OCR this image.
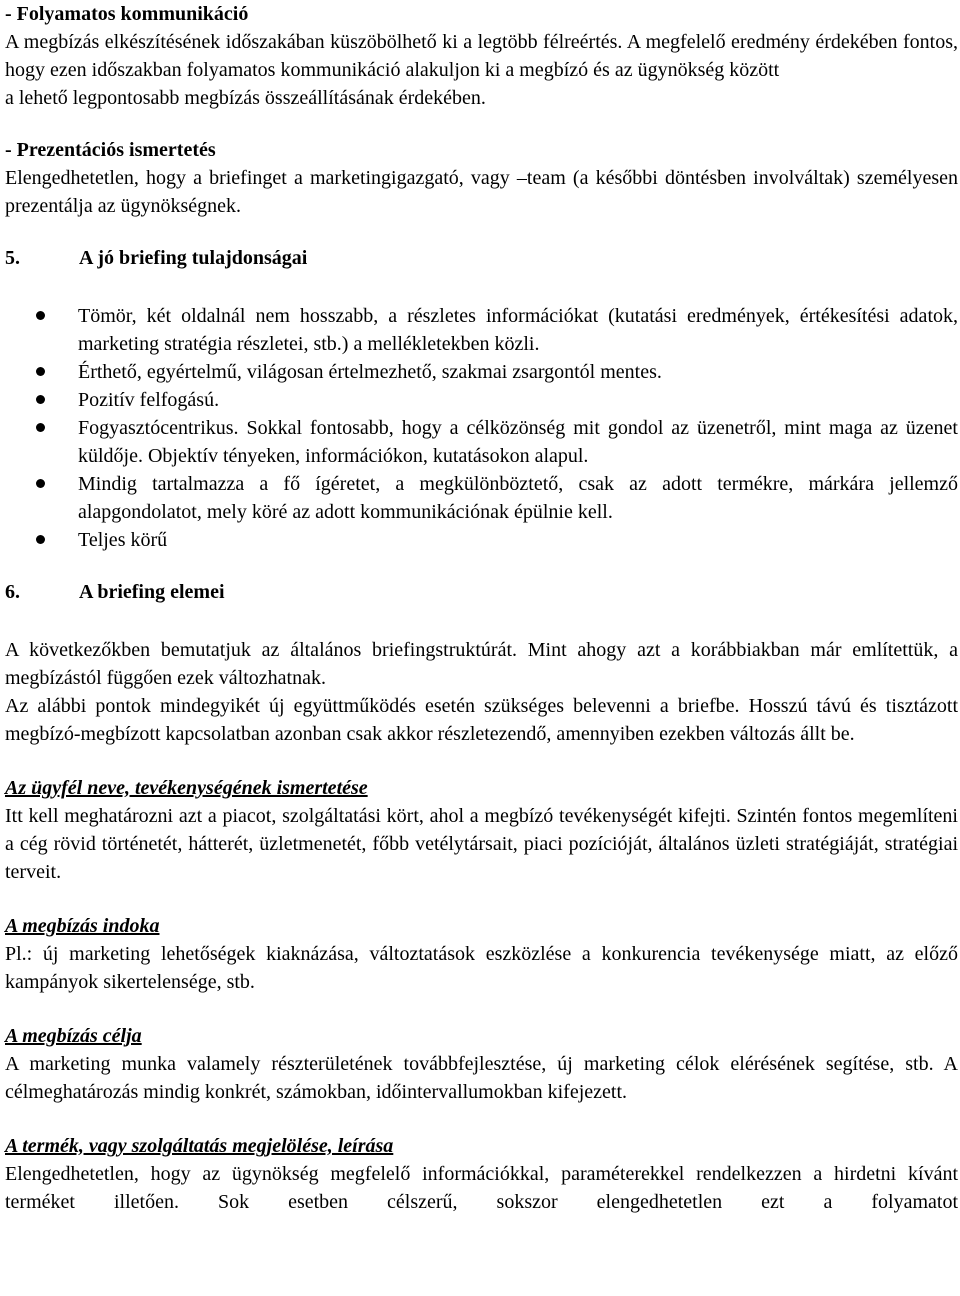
- Folyamatos kommunikáció

A megbízás elkészítésének időszakában küszöbölhető ki a legtöbb félreértés. A megfelelő eredmény érdekében fontos, hogy ezen időszakban folyamatos kommunikáció alakuljon ki a megbízó és az ügynökség között

a lehető legpontosabb megbízás összeállításának érdekében.

- Prezentációs ismertetés

Elengedhetetlen, hogy a briefinget a marketingigazgató, vagy –team (a későbbi döntésben involváltak) személyesen prezentálja az ügynökségnek.

5.	A jó briefing tulajdonságai

Tömör, két oldalnál nem hosszabb, a részletes információkat (kutatási eredmények, értékesítési adatok, marketing stratégia részletei, stb.) a mellékletekben közli.
Érthető, egyértelmű, világosan értelmezhető, szakmai zsargontól mentes.
Pozitív felfogású.
Fogyasztócentrikus. Sokkal fontosabb, hogy a célközönség mit gondol az üzenetről, mint maga az üzenet küldője. Objektív tényeken, információkon, kutatásokon alapul.
Mindig tartalmazza a fő ígéretet, a megkülönböztető, csak az adott termékre, márkára jellemző alapgondolatot, mely köré az adott kommunikációnak épülnie kell.
Teljes körű

6.	A briefing elemei

A következőkben bemutatjuk az általános briefingstruktúrát. Mint ahogy azt a korábbiakban már említettük, a megbízástól függően ezek változhatnak.

Az alábbi pontok mindegyikét új együttműködés esetén szükséges belevenni a briefbe. Hosszú távú és tisztázott megbízó-megbízott kapcsolatban azonban csak akkor részletezendő, amennyiben ezekben változás állt be.

Az ügyfél neve, tevékenységének ismertetése

Itt kell meghatározni azt a piacot, szolgáltatási kört, ahol a megbízó tevékenységét kifejti. Szintén fontos megemlíteni a cég rövid történetét, hátterét, üzletmenetét, főbb vetélytársait, piaci pozícióját, általános üzleti stratégiáját, stratégiai terveit.

A megbízás indoka

Pl.: új marketing lehetőségek kiaknázása, változtatások eszközlése a konkurencia tevékenysége miatt, az előző kampányok sikertelensége, stb.

A megbízás célja

A marketing munka valamely részterületének továbbfejlesztése, új marketing célok elérésének segítése, stb. A célmeghatározás mindig konkrét, számokban, időintervallumokban kifejezett.

A termék, vagy szolgáltatás megjelölése, leírása

Elengedhetetlen, hogy az ügynökség megfelelő információkkal, paraméterekkel rendelkezzen a hirdetni kívánt terméket illetően. Sok esetben célszerű, sokszor elengedhetetlen ezt a folyamatot
